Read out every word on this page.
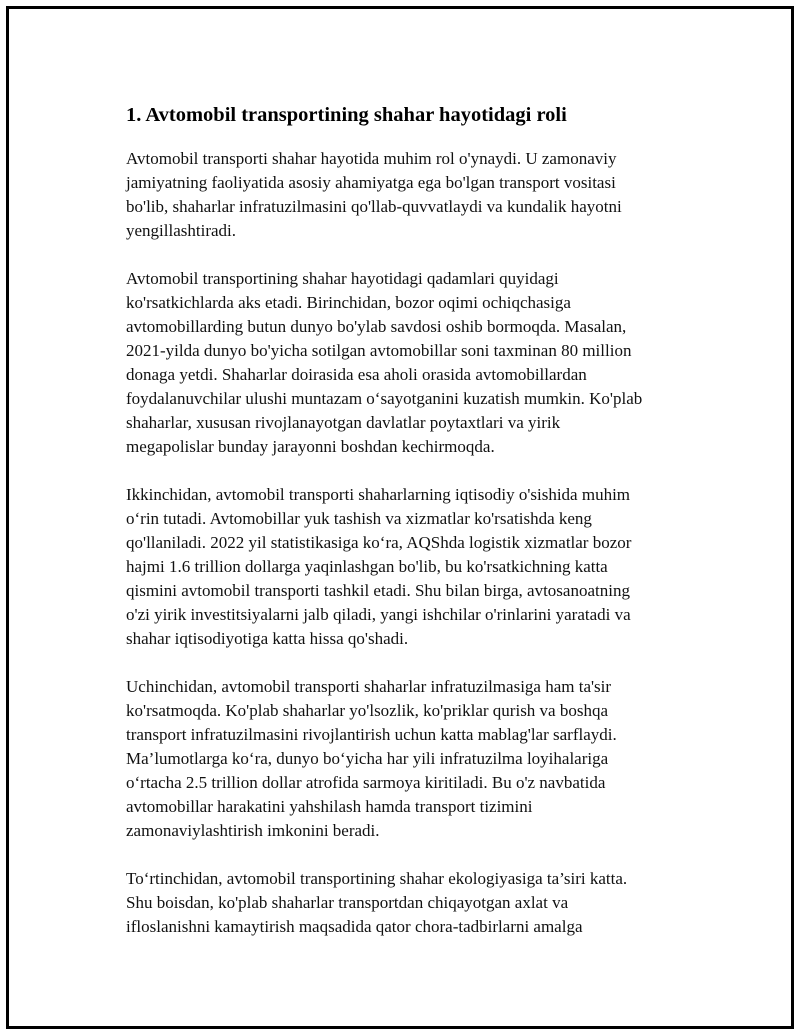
1. Avtomobil transportining shahar hayotidagi roli

Avtomobil transporti shahar hayotida muhim rol o'ynaydi. U zamonaviy
jamiyatning faoliyatida asosiy ahamiyatga ega bo'lgan transport vositasi
bo'lib, shaharlar infratuzilmasini qo'llab-quvvatlaydi va kundalik hayotni
yengillashtiradi.

Avtomobil transportining shahar hayotidagi qadamlari quyidagi
ko'rsatkichlarda aks etadi. Birinchidan, bozor oqimi ochiqchasiga
avtomobillarding butun dunyo bo'ylab savdosi oshib bormoqda. Masalan,
2021-yilda dunyo bo'yicha sotilgan avtomobillar soni taxminan 80 million
donaga yetdi. Shaharlar doirasida esa aholi orasida avtomobillardan
foydalanuvchilar ulushi muntazam o‘sayotganini kuzatish mumkin. Ko'plab
shaharlar, xususan rivojlanayotgan davlatlar poytaxtlari va yirik
megapolislar bunday jarayonni boshdan kechirmoqda.

Ikkinchidan, avtomobil transporti shaharlarning iqtisodiy o'sishida muhim
o‘rin tutadi. Avtomobillar yuk tashish va xizmatlar ko'rsatishda keng
qo'llaniladi. 2022 yil statistikasiga ko‘ra, AQShda logistik xizmatlar bozor
hajmi 1.6 trillion dollarga yaqinlashgan bo'lib, bu ko'rsatkichning katta
qismini avtomobil transporti tashkil etadi. Shu bilan birga, avtosanoatning
o'zi yirik investitsiyalarni jalb qiladi, yangi ishchilar o'rinlarini yaratadi va
shahar iqtisodiyotiga katta hissa qo'shadi.

Uchinchidan, avtomobil transporti shaharlar infratuzilmasiga ham ta'sir
ko'rsatmoqda. Ko'plab shaharlar yo'lsozlik, ko'priklar qurish va boshqa
transport infratuzilmasini rivojlantirish uchun katta mablag'lar sarflaydi.
Ma’lumotlarga ko‘ra, dunyo bo‘yicha har yili infratuzilma loyihalariga
o‘rtacha 2.5 trillion dollar atrofida sarmoya kiritiladi. Bu o'z navbatida
avtomobillar harakatini yahshilash hamda transport tizimini
zamonaviylashtirish imkonini beradi.

To‘rtinchidan, avtomobil transportining shahar ekologiyasiga ta’siri katta.
Shu boisdan, ko'plab shaharlar transportdan chiqayotgan axlat va
ifloslanishni kamaytirish maqsadida qator chora-tadbirlarni amalga
